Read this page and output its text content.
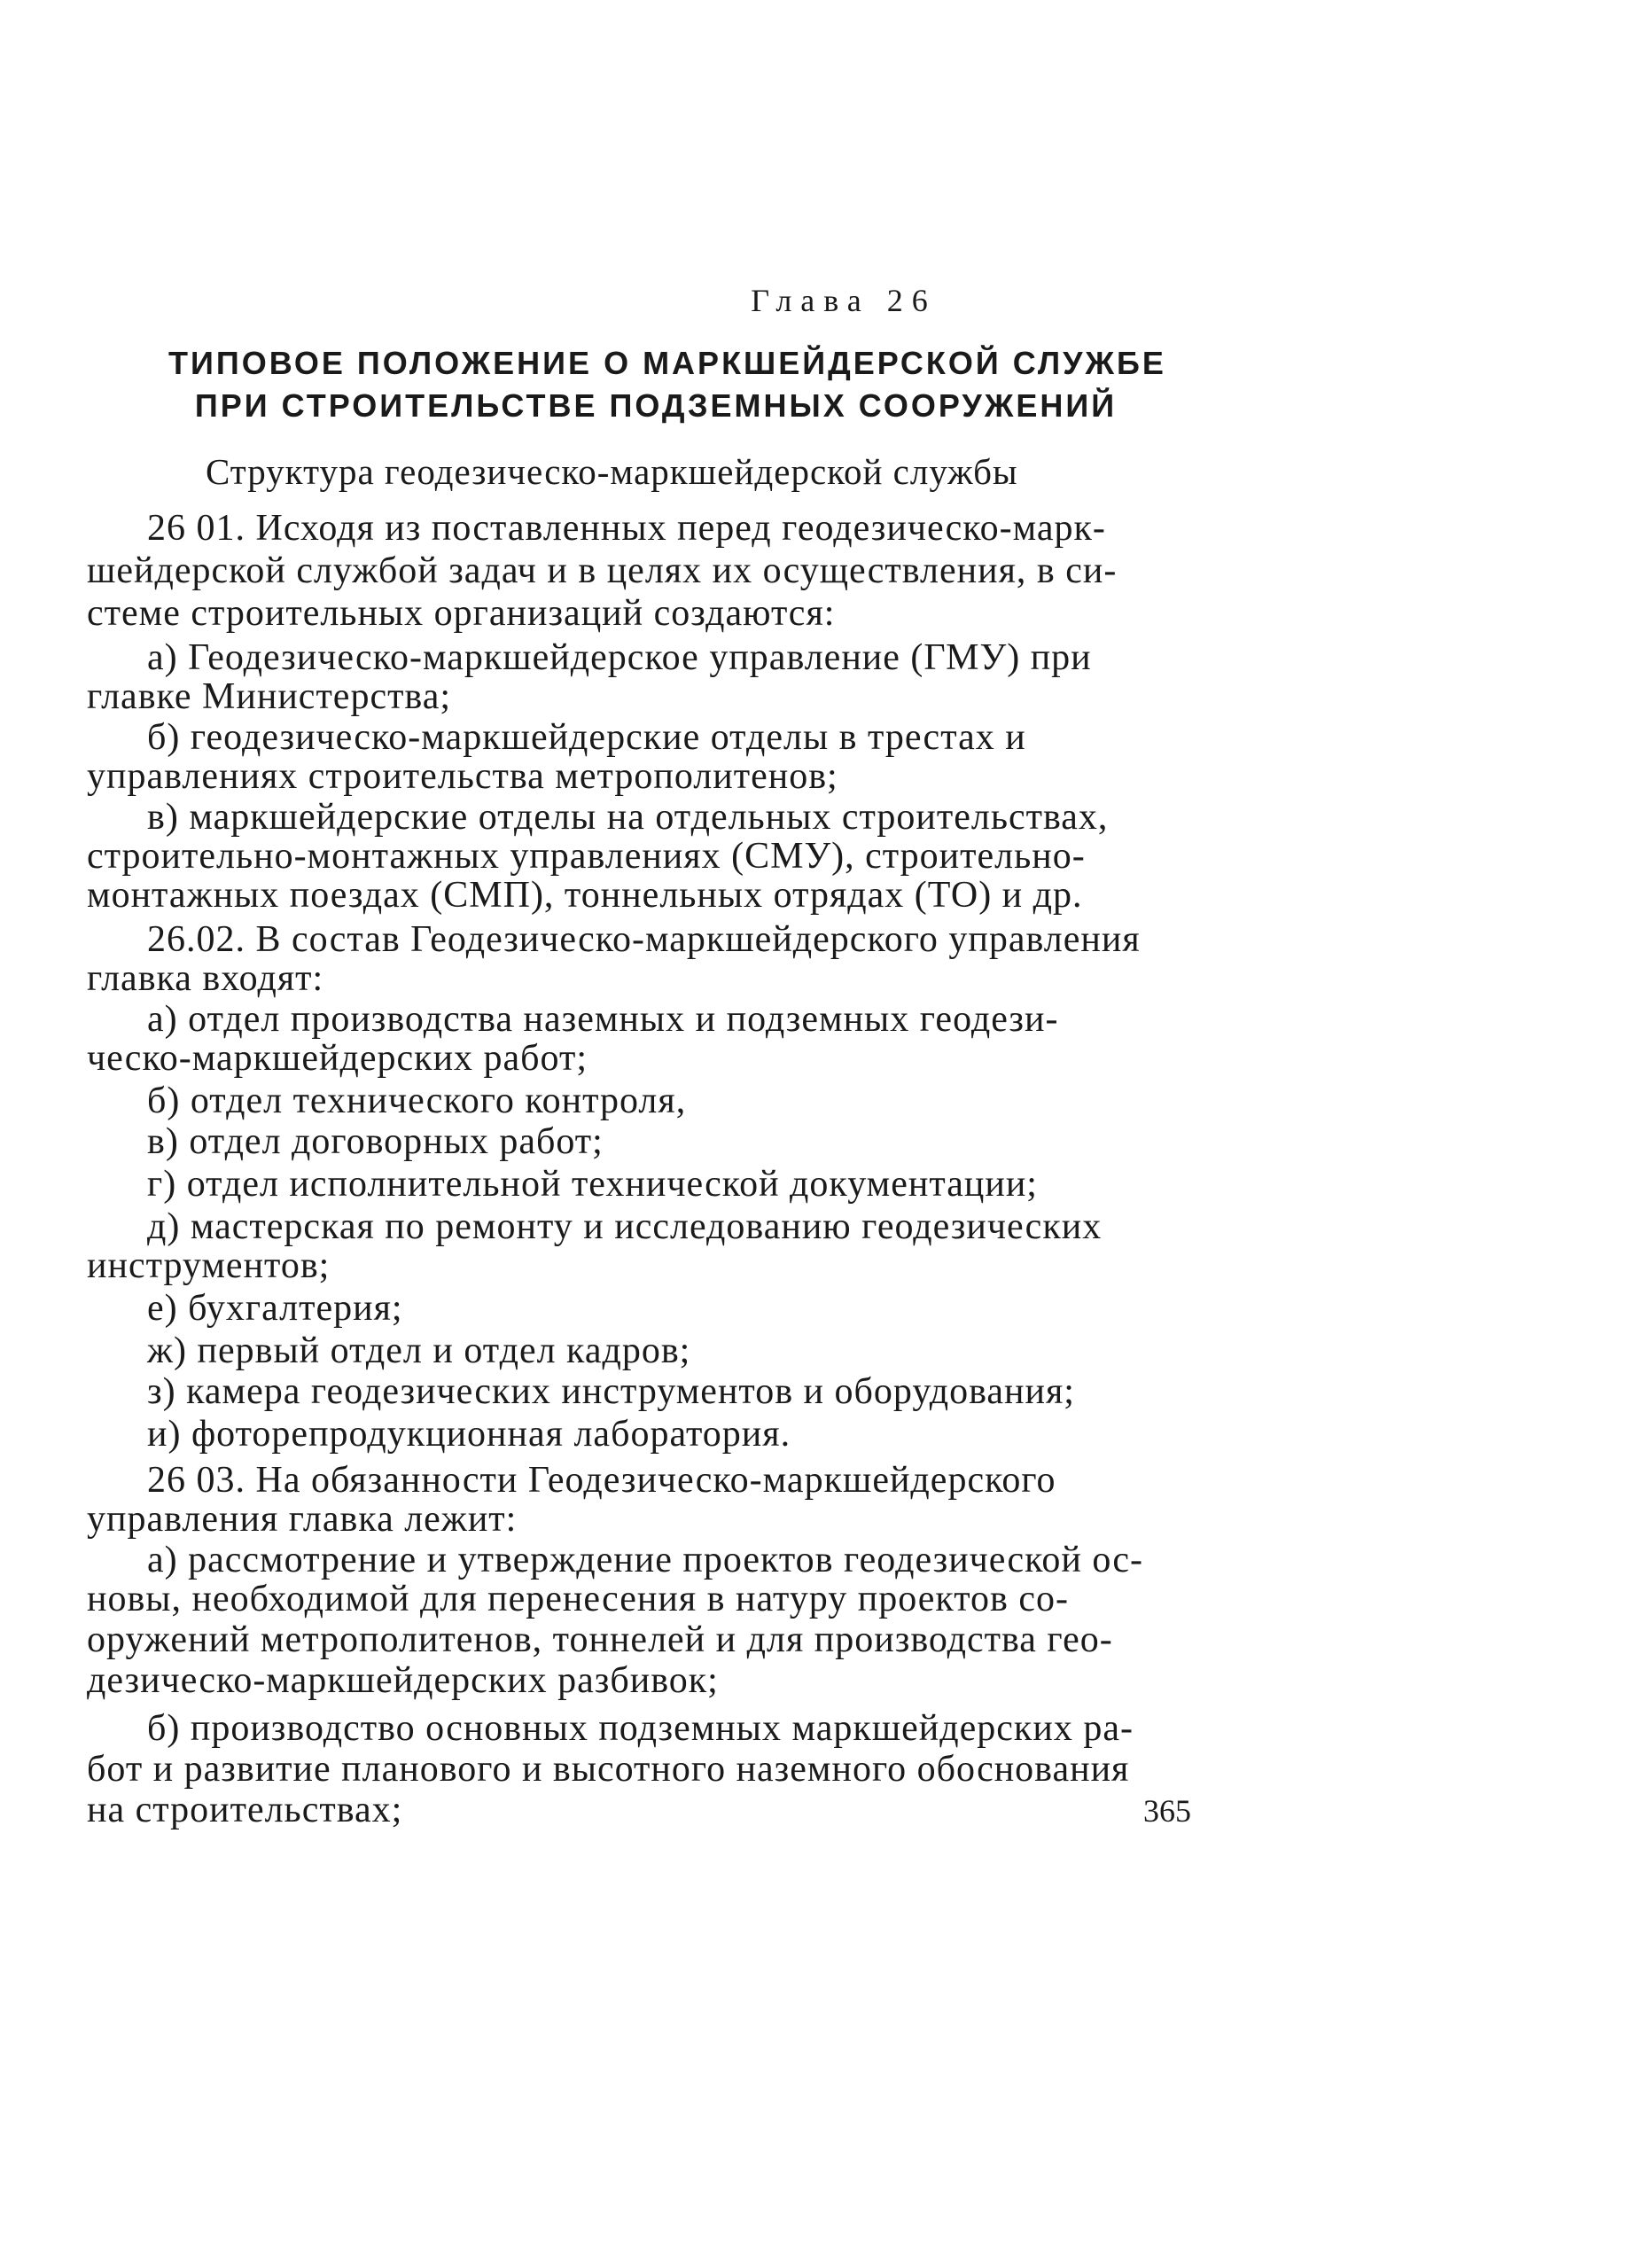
Глава 26
ТИПОВОЕ ПОЛОЖЕНИЕ О МАРКШЕЙДЕРСКОЙ СЛУЖБЕ
ПРИ СТРОИТЕЛЬСТВЕ ПОДЗЕМНЫХ СООРУЖЕНИЙ
Структура геодезическо-маркшейдерской службы
26 01. Исходя из поставленных перед геодезическо-марк-
шейдерской службой задач и в целях их осуществления, в си-
стеме строительных организаций создаются:
а) Геодезическо-маркшейдерское управление (ГМУ) при
главке Министерства;
б) геодезическо-маркшейдерские отделы в трестах и
управлениях строительства метрополитенов;
в) маркшейдерские отделы на отдельных строительствах,
строительно-монтажных управлениях (СМУ), строительно-
монтажных поездах (СМП), тоннельных отрядах (ТО) и др.
26.02. В состав Геодезическо-маркшейдерского управления
главка входят:
а) отдел производства наземных и подземных геодези-
ческо-маркшейдерских работ;
б) отдел технического контроля,
в) отдел договорных работ;
г) отдел исполнительной технической документации;
д) мастерская по ремонту и исследованию геодезических
инструментов;
е) бухгалтерия;
ж) первый отдел и отдел кадров;
з) камера геодезических инструментов и оборудования;
и) фоторепродукционная лаборатория.
26 03. На обязанности Геодезическо-маркшейдерского
управления главка лежит:
а) рассмотрение и утверждение проектов геодезической ос-
новы, необходимой для перенесения в натуру проектов со-
оружений метрополитенов, тоннелей и для производства гео-
дезическо-маркшейдерских разбивок;
б) производство основных подземных маркшейдерских ра-
бот и развитие планового и высотного наземного обоснования
на строительствах;	365
